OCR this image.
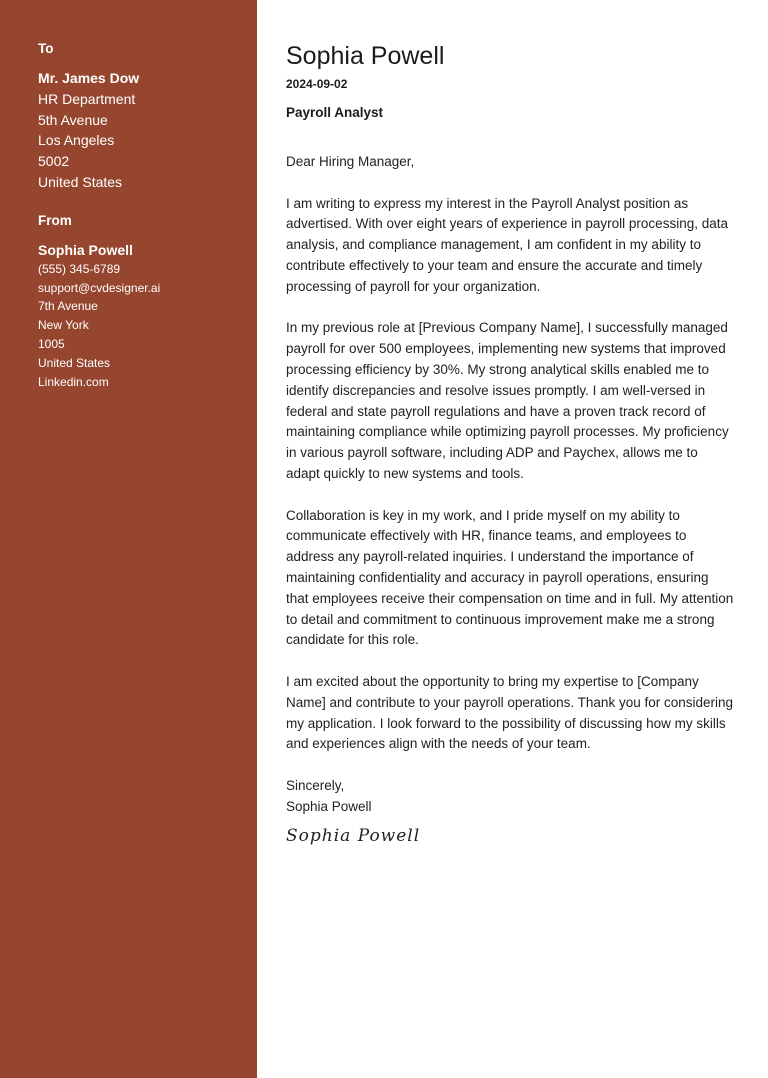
To
Mr. James Dow
HR Department
5th Avenue
Los Angeles
5002
United States
From
Sophia Powell
(555) 345-6789
support@cvdesigner.ai
7th Avenue
New York
1005
United States
Linkedin.com
Sophia Powell
2024-09-02
Payroll Analyst

Dear Hiring Manager,

I am writing to express my interest in the Payroll Analyst position as advertised. With over eight years of experience in payroll processing, data analysis, and compliance management, I am confident in my ability to contribute effectively to your team and ensure the accurate and timely processing of payroll for your organization.

In my previous role at [Previous Company Name], I successfully managed payroll for over 500 employees, implementing new systems that improved processing efficiency by 30%. My strong analytical skills enabled me to identify discrepancies and resolve issues promptly. I am well-versed in federal and state payroll regulations and have a proven track record of maintaining compliance while optimizing payroll processes. My proficiency in various payroll software, including ADP and Paychex, allows me to adapt quickly to new systems and tools.

Collaboration is key in my work, and I pride myself on my ability to communicate effectively with HR, finance teams, and employees to address any payroll-related inquiries. I understand the importance of maintaining confidentiality and accuracy in payroll operations, ensuring that employees receive their compensation on time and in full. My attention to detail and commitment to continuous improvement make me a strong candidate for this role.

I am excited about the opportunity to bring my expertise to [Company Name] and contribute to your payroll operations. Thank you for considering my application. I look forward to the possibility of discussing how my skills and experiences align with the needs of your team.

Sincerely,

Sophia Powell

Sophia Powell
